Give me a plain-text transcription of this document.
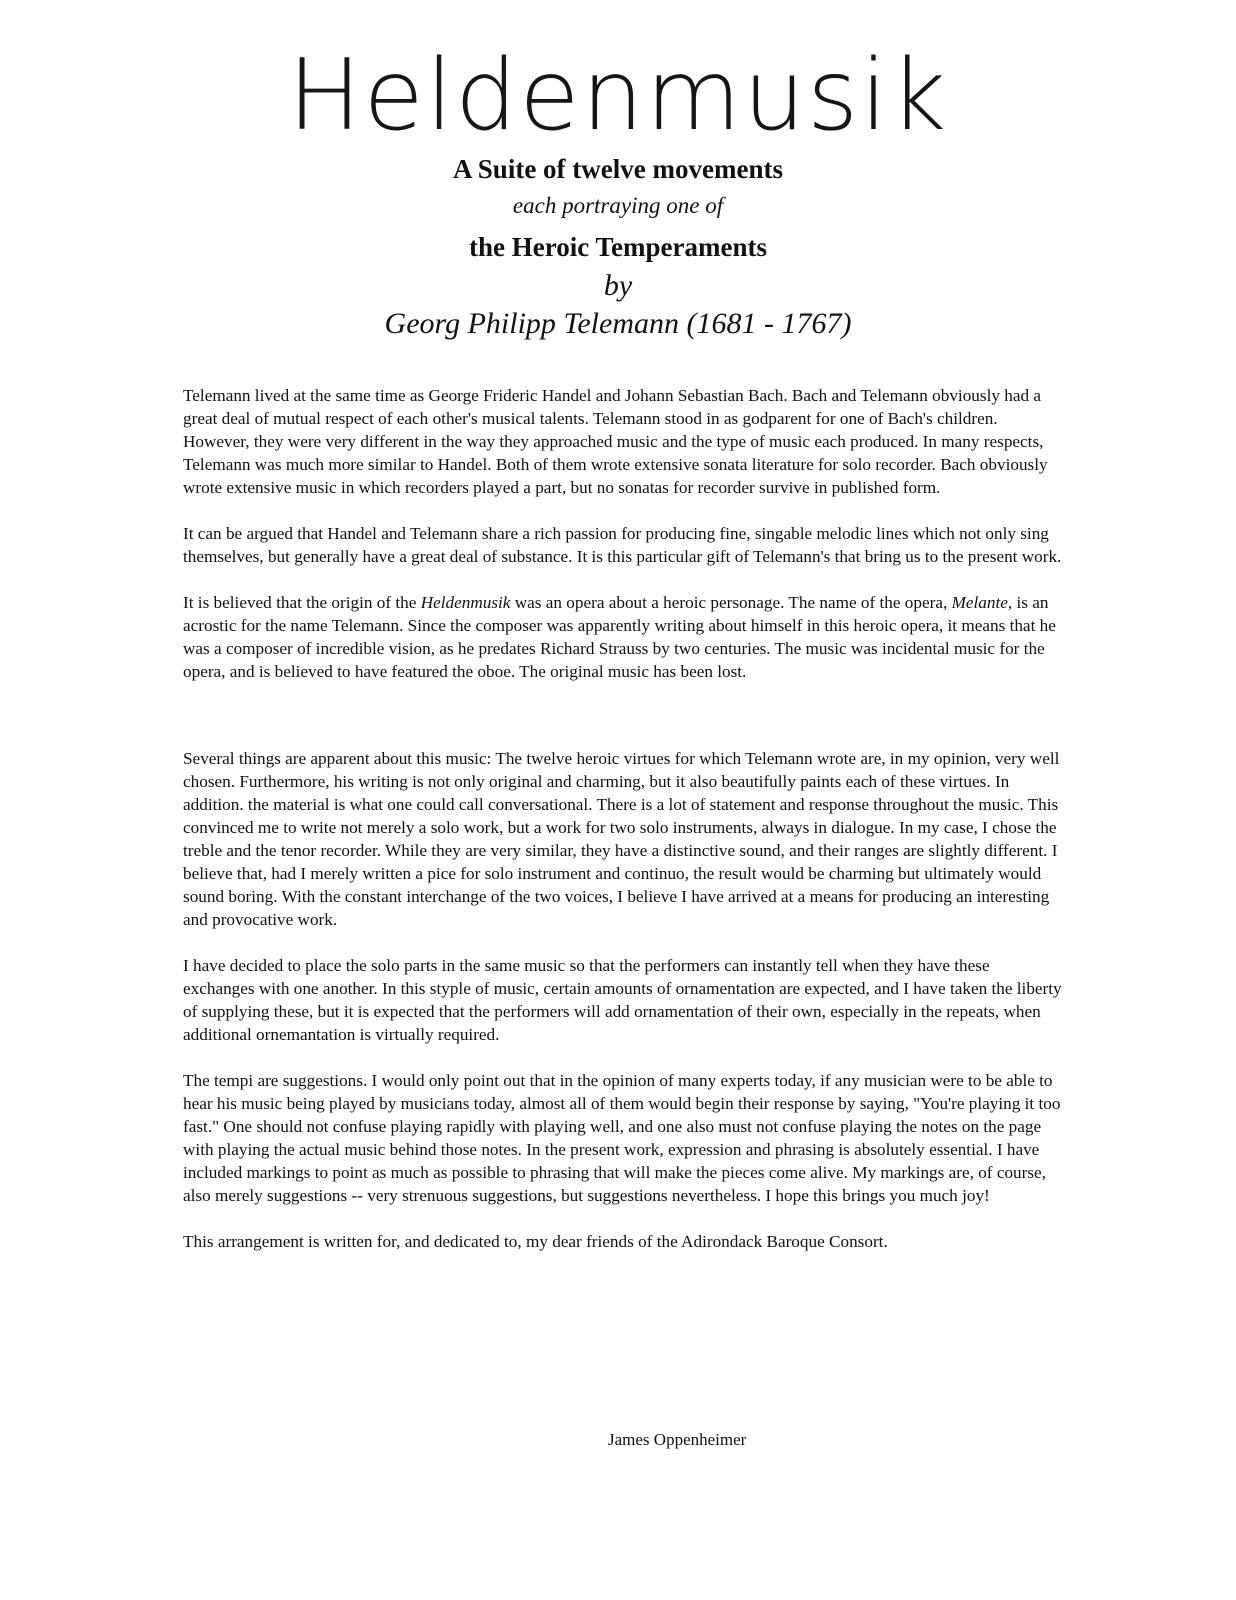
Heldenmusik
A Suite of twelve movements
each portraying one of
the Heroic Temperaments
by
Georg Philipp Telemann (1681 - 1767)

Telemann lived at the same time as George Frideric Handel and Johann Sebastian Bach. Bach and Telemann obviously had a great deal of mutual respect of each other's musical talents. Telemann stood in as godparent for one of Bach's children. However, they were very different in the way they approached music and the type of music each produced. In many respects, Telemann was much more similar to Handel. Both of them wrote extensive sonata literature for solo recorder. Bach obviously wrote extensive music in which recorders played a part, but no sonatas for recorder survive in published form.

It can be argued that Handel and Telemann share a rich passion for producing fine, singable melodic lines which not only sing themselves, but generally have a great deal of substance. It is this particular gift of Telemann's that bring us to the present work.

It is believed that the origin of the Heldenmusik was an opera about a heroic personage. The name of the opera, Melante, is an acrostic for the name Telemann. Since the composer was apparently writing about himself in this heroic opera, it means that he was a composer of incredible vision, as he predates Richard Strauss by two centuries. The music was incidental music for the opera, and is believed to have featured the oboe. The original music has been lost.

Several things are apparent about this music: The twelve heroic virtues for which Telemann wrote are, in my opinion, very well chosen. Furthermore, his writing is not only original and charming, but it also beautifully paints each of these virtues. In addition. the material is what one could call conversational. There is a lot of statement and response throughout the music. This convinced me to write not merely a solo work, but a work for two solo instruments, always in dialogue. In my case, I chose the treble and the tenor recorder. While they are very similar, they have a distinctive sound, and their ranges are slightly different. I believe that, had I merely written a pice for solo instrument and continuo, the result would be charming but ultimately would sound boring. With the constant interchange of the two voices, I believe I have arrived at a means for producing an interesting and provocative work.

I have decided to place the solo parts in the same music so that the performers can instantly tell when they have these exchanges with one another. In this styple of music, certain amounts of ornamentation are expected, and I have taken the liberty of supplying these, but it is expected that the performers will add ornamentation of their own, especially in the repeats, when additional ornemantation is virtually required.

The tempi are suggestions. I would only point out that in the opinion of many experts today, if any musician were to be able to hear his music being played by musicians today, almost all of them would begin their response by saying, "You're playing it too fast." One should not confuse playing rapidly with playing well, and one also must not confuse playing the notes on the page with playing the actual music behind those notes. In the present work, expression and phrasing is absolutely essential. I have included markings to point as much as possible to phrasing that will make the pieces come alive. My markings are, of course, also merely suggestions -- very strenuous suggestions, but suggestions nevertheless. I hope this brings you much joy!

This arrangement is written for, and dedicated to, my dear friends of the Adirondack Baroque Consort.

James Oppenheimer
